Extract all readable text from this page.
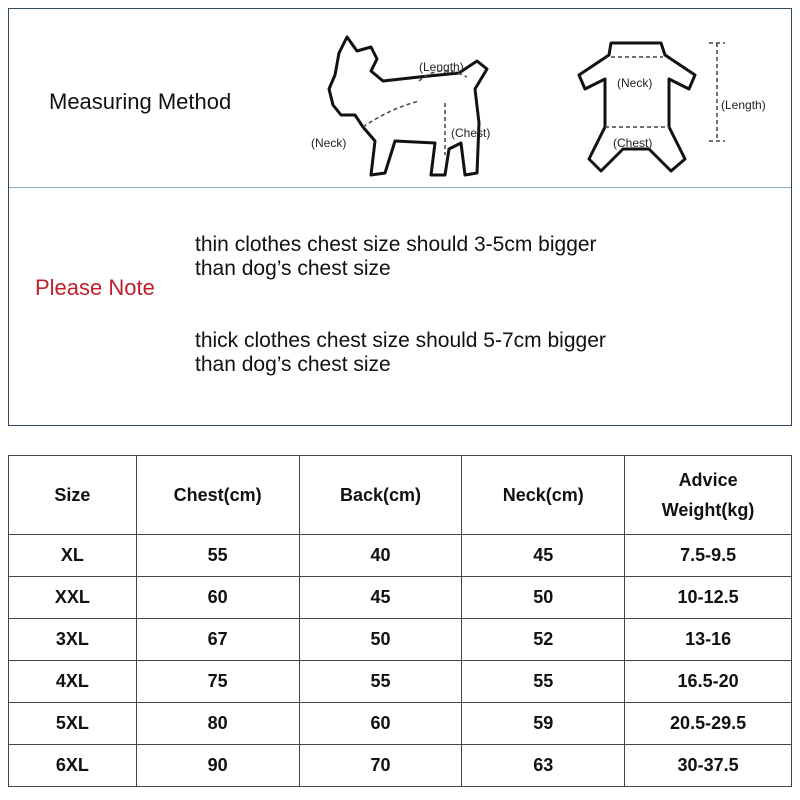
Measuring Method
(Length)
(Neck)
(Chest)
(Neck)
(Length)
(Chest)
Please Note
thin clothes chest size should 3-5cm bigger
than dog’s chest size
thick clothes chest size should 5-7cm bigger
than dog’s chest size
Size	Chest(cm)	Back(cm)	Neck(cm)	Advice
Weight(kg)

XL	55	40	45	7.5-9.5
XXL	60	45	50	10-12.5
3XL	67	50	52	13-16
4XL	75	55	55	16.5-20
5XL	80	60	59	20.5-29.5
6XL	90	70	63	30-37.5
